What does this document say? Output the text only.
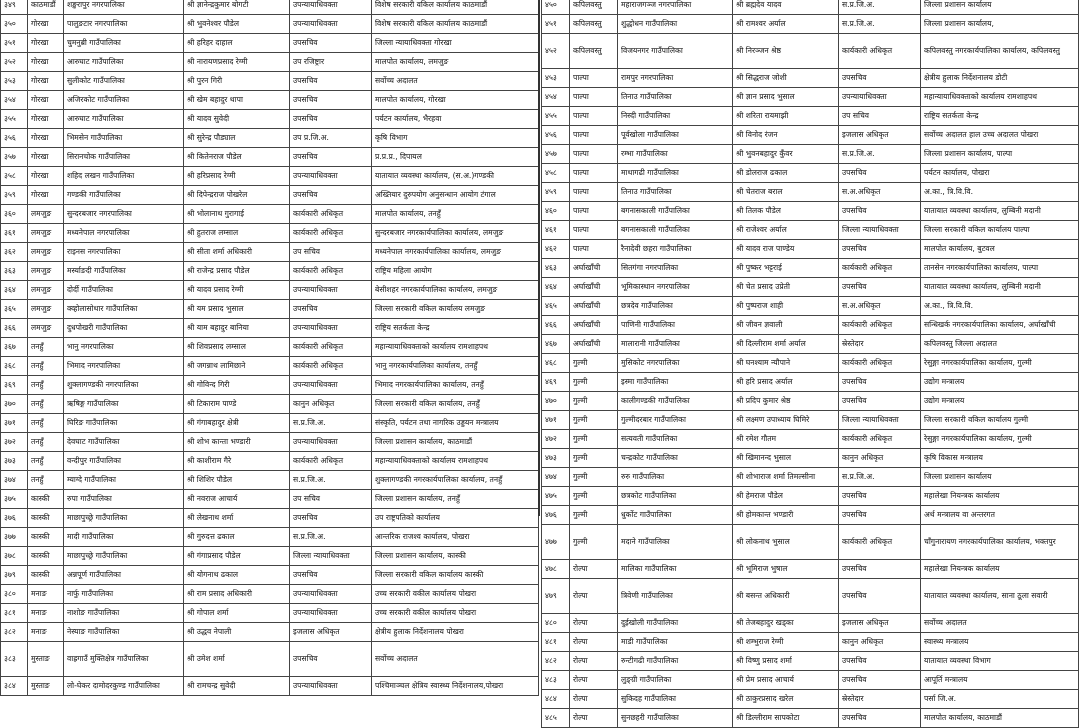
३४९	काठमाडौं	शङ्खरापुर नगरपालिका	श्री ज्ञानेन्द्रकुमार बोगटी	उपन्यायाधिवक्ता	विशेष सरकारी वकिल कार्यालय काठमाडौं
३५०	गोरखा	पालुङटार नगरपालिका	श्री भुवनेश्वर पौडेल	उपन्यायाधिवक्ता	विशेष सरकारी वकिल कार्यालय काठमाडौं
३५१	गोरखा	चुमनुब्री गाउँपालिका	श्री हरिहर दाहाल	उपसचिव	जिल्ला न्यायाधिवक्ता गोरखा
३५२	गोरखा	आरुघाट गाउँपालिका	श्री नारायणप्रसाद रेग्मी	उप रजिष्ट्रार	मालपोत कार्यालय, लमजुङ
३५३	गोरखा	सुलीकोट गाउँपालिका	श्री पुरन गिरी	उपसचिव	सर्वोच्च अदालत
३५४	गोरखा	अजिरकोट गाउँपालिका	श्री खेम बहादुर थापा	उपसचिव	मालपोत कार्यालय, गोरखा
३५५	गोरखा	आरुघाट गाउँपालिका	श्री यादव सुवेदी	उपसचिव	पर्यटन कार्यालय, भैरहवा
३५६	गोरखा	भिमसेन गाउँपालिका	श्री सुरेन्द्र पौड्याल	उप प्र.जि.अ.	कृषि विभाग
३५७	गोरखा	सिरानचोक गाउँपालिका	श्री कितेनराज पौडेल	उपसचिव	प्र.प्र.प्र., दिपायल
३५८	गोरखा	शहिद लखन गाउँपालिका	श्री हरिप्रसाद रेग्मी	उपन्यायाधिवक्ता	यातायात व्यवस्था कार्यालय, (स.अ.)गण्डकी
३५९	गोरखा	गण्डकी गाउँपालिका	श्री दिपेन्द्रराज पोखरेल	उपसचिव	अख्तियार दुरुपयोग अनुसन्धान आयोग टंगाल
३६०	लमजुङ	सुन्दरबजार नगरपालिका	श्री भोलानाथ गुरागाई	कार्यकारी अधिकृत	मालपोत कार्यालय, तनहुँ
३६१	लमजुङ	मध्यनेपाल नगरपालिका	श्री हुतराज लम्साल	कार्यकारी अधिकृत	सुन्दरबजार नगरकार्यपालिका कार्यालय, लमजुङ
३६२	लमजुङ	राइनस नगरपालिका	श्री सीता शर्मा अधिकारी	उप सचिव	मध्यनेपाल नगरकार्यपालिका कार्यालय, लमजुङ
३६३	लमजुङ	मर्स्याङदी गाउँपालिका	श्री राजेन्द्र प्रसाद पौडेल	कार्यकारी अधिकृत	राष्ट्रिय महिला आयोग
३६४	लमजुङ	दोर्दी गाउँपालिका	श्री यादव प्रसाद रेग्मी	उपन्यायाधिवक्ता	बेसीशहर नगरकार्यपालिका कार्यालय, लमजुङ
३६५	लमजुङ	क्व्होलासोथार गाउँपालिका	श्री यम प्रसाद भुसाल	उपसचिव	जिल्ला सरकारी वकिल कार्यालय लमजुङ
३६६	लमजुङ	दुधपोखरी गाउँपालिका	श्री याम बहादुर बानिया	उपन्यायाधिवक्ता	राष्ट्रिय सतर्कता केन्द्र
३६७	तनहुँ	भानु नगरपालिका	श्री शिवप्रसाद लम्साल	कार्यकारी अधिकृत	महान्यायाधिवक्ताको कार्यालय रामशाहपथ
३६८	तनहुँ	भिमाद नगरपालिका	श्री जगन्नाथ लामिछाने	कार्यकारी अधिकृत	भानु नगरकार्यपालिका कार्यालय, तनहुँ
३६९	तनहुँ	शुक्लागण्डकी नगरपालिका	श्री गोविन्द गिरी	उपन्यायाधिवक्ता	भिमाद नगरकार्यपालिका कार्यालय, तनहुँ
३७०	तनहुँ	ऋषिङ्ग गाउँपालिका	श्री टिकाराम पाण्डे	कानुन अधिकृत	जिल्ला सरकारी वकिल कार्यालय, तनहुँ
३७१	तनहुँ	घिरिङ गाउँपालिका	श्री गंगाबहादुर क्षेत्री	स.प्र.जि.अ.	संस्कृति, पर्यटन तथा नागरिक उड्डयन मन्त्रालय
३७२	तनहुँ	देवघाट गाउँपालिका	श्री शोभ कान्ता भण्डारी	उपन्यायाधिवक्ता	जिल्ला प्रशासन कार्यालय, काठमाडौं
३७३	तनहुँ	वन्दीपुर गाउँपालिका	श्री काशीराम गैरे	कार्यकारी अधिकृत	महान्यायाधिवक्ताको कार्यालय रामशाहपथ
३७४	तनहुँ	म्याग्दे गाउँपालिका	श्री शिशिर पौडेल	स.प्र.जि.अ.	शुक्लागण्डकी नगरकार्यपालिका कार्यालय, तनहुँ
३७५	कास्की	रुपा गाउँपालिका	श्री नवराज आचार्य	उप सचिव	जिल्ला प्रशासन कार्यालय, तनहुँ
३७६	कास्की	माछापुच्छ्रे गाउँपालिका	श्री लेखनाथ शर्मा	उपसचिव	उप राष्ट्रपतिको कार्यालय
३७७	कास्की	मादी गाउँपालिका	श्री गुरुदत्त ढकाल	स.प्र.जि.अ.	आन्तरिक राजश्व कार्यालय, पोखरा
३७८	कास्की	माछापुच्छ्रे गाउँपालिका	श्री गंगाप्रसाद पौडेल	जिल्ला न्यायाधिवक्ता	जिल्ला प्रशासन कार्यालय, कास्की
३७९	कास्की	अन्नपूर्ण गाउँपालिका	श्री योगनाथ ढकाल	उपसचिव	जिल्ला सरकारी वकिल कार्यालय कास्की
३८०	मनाङ	नार्फु गाउँपालिका	श्री राम प्रसाद अधिकारी	उपन्यायाधिवक्ता	उच्च सरकारी वकील कार्यालय पोखरा
३८१	मनाङ	नाशोङ गाउँपालिका	श्री गोपाल शर्मा	उपन्यायाधिवक्ता	उच्च सरकारी वकील कार्यालय पोखरा
३८२	मनाङ	नेस्याङ गाउँपालिका	श्री उद्धव नेपाली	इजलास अधिकृत	क्षेत्रीय हुलाक निर्देशनालय पोखरा
३८३	मुस्ताङ	वाह्रगाउँ मुक्तिक्षेत्र गाउँपालिका	श्री उमेश शर्मा	उपसचिव	सर्वोच्च अदालत
३८४	मुस्ताङ	लो-घेकर दामोदरकुण्ड गाउँपालिका	श्री रामचन्द्र सुवेदी	उपन्यायाधिवक्ता	पश्चिमाञ्चल क्षेत्रिय स्वास्थ्य निर्देशनालय,पोखरा
४५०	कपिलवस्तु	महाराजगञ्ज नगरपालिका	श्री ब्रह्मदेव यादव	स.प्र.जि.अ.	जिल्ला प्रशासन कार्यालय
४५१	कपिलवस्तु	शुद्धोधन गाउँपालिका	श्री रामश्वर अर्याल	स.प्र.जि.अ.	जिल्ला प्रशासन कार्यालय,
४५२	कपिलवस्तु	विजयनगर गाउँपालिका	श्री निरञ्जन श्रेष्ठ	कार्यकारी अधिकृत	कपिलवस्तु नगरकार्यपालिका कार्यालय, कपिलवस्तु
४५३	पाल्पा	रामपुर नगरपालिका	श्री सिद्धराज जोशी	उपसचिव	क्षेत्रीय हुलाक निर्देशनालय डोटी
४५४	पाल्पा	तिनाउ गाउँपालिका	श्री ज्ञान प्रसाद भुसाल	उपन्यायाधिवक्ता	महान्यायाधिवक्ताको कार्यालय रामशाहपथ
४५५	पाल्पा	निस्दी गाउँपालिका	श्री शरिता रायमाझी	उप सचिव	राष्ट्रिय सतर्कता केन्द्र
४५६	पाल्पा	पूर्वखोला गाउँपालिका	श्री विनोद रंजन	इजलास अधिकृत	सर्वोच्च अदालत हाल उच्च अदालत पोखरा
४५७	पाल्पा	रम्भा गाउँपालिका	श्री भुवनबहादुर कुँवर	स.प्र.जि.अ.	जिल्ला प्रशासन कार्यालय, पाल्पा
४५८	पाल्पा	माथागढी गाउँपालिका	श्री डोलराज ढकाल	उपसचिव	पर्यटन कार्यालय, पोखरा
४५९	पाल्पा	तिनाउ गाउँपालिका	श्री चेतराज बराल	स.अ.अधिकृत	अ.का., त्रि.वि.वि.
४६०	पाल्पा	बगनासकाली गाउँपालिका	श्री तिलक पौडेल	उपसचिव	यातायात व्यवस्था कार्यालय, लुम्बिनी मदानी
४६१	पाल्पा	बगनासकाली गाउँपालिका	श्री राजेश्वर अर्याल	जिल्ला न्यायाधिवक्ता	जिल्ला सरकारी वकिल कार्यालय पाल्पा
४६२	पाल्पा	रैनादेवी छहरा गाउँपालिका	श्री यादव राज पाण्डेय	उपसचिव	मालपोत कार्यालय, बुटवल
४६३	अर्घाखाँची	सितगंगा नगरपालिका	श्री पुष्कर भट्टराई	कार्यकारी अधिकृत	तानसेन नगरकार्यपालिका कार्यालय, पाल्पा
४६४	अर्घाखाँची	भूमिकास्थान नगरपालिका	श्री चेत प्रसाद उप्रेती	उपसचिव	यातायात व्यवस्था कार्यालय, लुम्बिनी मदानी
४६५	अर्घाखाँची	छत्रदेव गाउँपालिका	श्री पुष्पराज शाही	स.अ.अधिकृत	अ.का., त्रि.वि.वि.
४६६	अर्घाखाँची	पाणिनी गाउँपालिका	श्री जीवन ज्ञवाली	कार्यकारी अधिकृत	सन्धिखर्क नगरकार्यपालिका कार्यालय, अर्घाखाँची
४६७	अर्घाखाँची	मालारानी गाउँपालिका	श्री दिल्लीराम शर्मा अर्याल	स्रेस्तेदार	कपिलवस्तु जिल्ला अदालत
४६८	गुल्मी	मुसिकोट नगरपालिका	श्री घनश्याम न्यौपाने	कार्यकारी अधिकृत	रेसुङ्गा नगरकार्यपालिका कार्यालय, गुल्मी
४६९	गुल्मी	इस्मा गाउँपालिका	श्री हरि प्रसाद अर्याल	उपसचिव	उद्योग मन्त्रालय
४७०	गुल्मी	कालीगण्डकी गाउँपालिका	श्री प्रदिप कुमार श्रेष्ठ	उपसचिव	उद्योग मन्त्रालय
४७१	गुल्मी	गुल्मीदरबार गाउँपालिका	श्री लक्ष्मण उपाध्याय घिमिरे	जिल्ला न्यायाधिवक्ता	जिल्ला सरकारी वकिल कार्यालय गुल्मी
४७२	गुल्मी	सत्यवती गाउँपालिका	श्री रमेश गौतम	कार्यकारी अधिकृत	रेसुङ्गा नगरकार्यपालिका कार्यालय, गुल्मी
४७३	गुल्मी	चन्द्रकोट गाउँपालिका	श्री खिमानन्द भुसाल	कानुन अधिकृत	कृषि विकास मन्त्रालय
४७४	गुल्मी	रुरु गाउँपालिका	श्री शोभाराज शर्मा तिमल्सीना	स.प्र.जि.अ.	जिल्ला प्रशासन कार्यालय
४७५	गुल्मी	छत्रकोट गाउँपालिका	श्री हेमराज पौडेल	उपसचिव	महालेखा नियन्त्रक कार्यालय
४७६	गुल्मी	धुर्कोट गाउँपालिका	श्री होमकान्त भण्डारी	उपसचिव	अर्थ मन्त्रालय वा अन्तरगत
४७७	गुल्मी	मदाने गाउँपालिका	श्री लोकनाथ भुसाल	कार्यकारी अधिकृत	चाँगुनारायण नगरकार्यपालिका कार्यालय, भक्तपुर
४७८	रोल्पा	मालिका गाउँपालिका	श्री भूमिराज भुषाल	उपसचिव	महालेखा नियन्त्रक कार्यालय
४७९	रोल्पा	त्रिवेणी गाउँपालिका	श्री बसन्त अधिकारी	उपसचिव	यातायात व्यवस्था कार्यालय, साना ठूला सवारी
४८०	रोल्पा	दुईखोली गाउँपालिका	श्री तेजबहादुर खड्का	इजलास अधिकृत	सर्वोच्च अदालत
४८१	रोल्पा	माडी गाउँपालिका	श्री शम्भुराज रेग्मी	कानुन अधिकृत	स्वास्थ्य मन्त्रालय
४८२	रोल्पा	रुन्टीगढी गाउँपालिका	श्री विष्णु प्रसाद शर्मा	उपसचिव	यातायात व्यवस्था विभाग
४८३	रोल्पा	लुङ्ग्री गाउँपालिका	श्री प्रेम प्रसाद आचार्य	उपसचिव	आपूर्ति मन्त्रालय
४८४	रोल्पा	सुकिदह गाउँपालिका	श्री ठाकुरप्रसाद खरेल	स्रेस्तेदार	पर्सा जि.अ.
४८५	रोल्पा	सुनछहरी गाउँपालिका	श्री डिल्लीराम सापकोटा	उपसचिव	मालपोत कार्यालय, काठमाडौं
